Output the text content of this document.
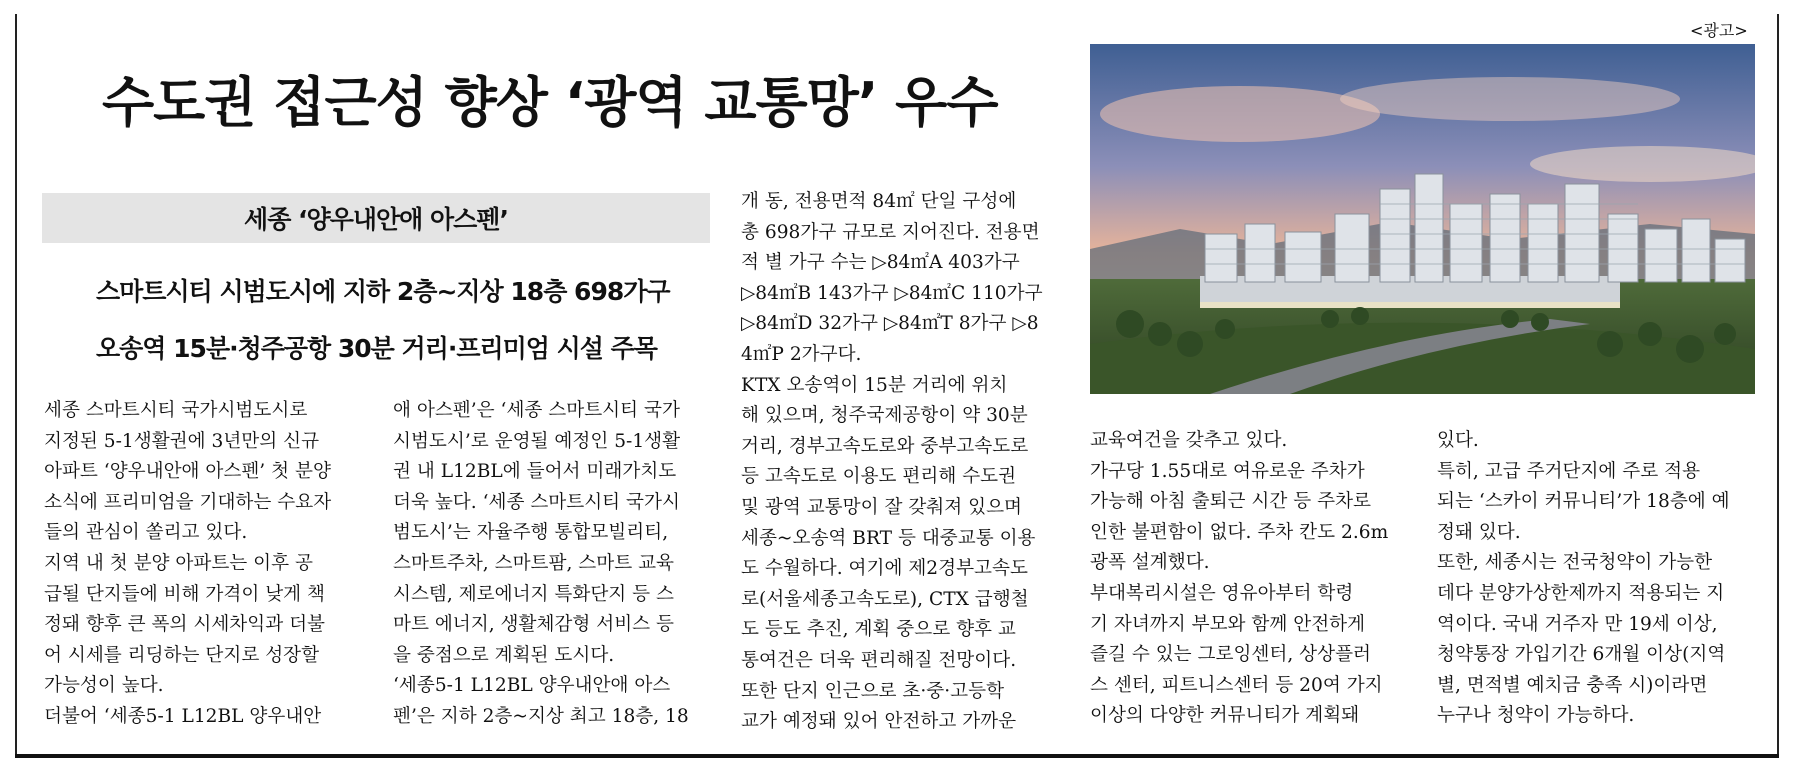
<광고>
수도권 접근성 향상 ‘광역 교통망’ 우수
세종 ‘양우내안애 아스펜’
스마트시티 시범도시에 지하 2층~지상 18층 698가구
오송역 15분·청주공항 30분 거리·프리미엄 시설 주목
세종 스마트시티 국가시범도시로
지정된 5-1생활권에 3년만의 신규
아파트 ‘양우내안애 아스펜’ 첫 분양
소식에 프리미엄을 기대하는 수요자
들의 관심이 쏠리고 있다.
지역 내 첫 분양 아파트는 이후 공
급될 단지들에 비해 가격이 낮게 책
정돼 향후 큰 폭의 시세차익과 더불
어 시세를 리딩하는 단지로 성장할
가능성이 높다.
더불어 ‘세종5-1 L12BL 양우내안
애 아스펜’은 ‘세종 스마트시티 국가
시범도시’로 운영될 예정인 5-1생활
권 내 L12BL에 들어서 미래가치도
더욱 높다. ‘세종 스마트시티 국가시
범도시’는 자율주행 통합모빌리티,
스마트주차, 스마트팜, 스마트 교육
시스템, 제로에너지 특화단지 등 스
마트 에너지, 생활체감형 서비스 등
을 중점으로 계획된 도시다.
‘세종5-1 L12BL 양우내안애 아스
펜’은 지하 2층~지상 최고 18층, 18
개 동, 전용면적 84㎡ 단일 구성에
총 698가구 규모로 지어진다. 전용면
적 별 가구 수는 ▷84㎡A 403가구
▷84㎡B 143가구 ▷84㎡C 110가구
▷84㎡D 32가구 ▷84㎡T 8가구 ▷8
4㎡P 2가구다.
KTX 오송역이 15분 거리에 위치
해 있으며, 청주국제공항이 약 30분
거리, 경부고속도로와 중부고속도로
등 고속도로 이용도 편리해 수도권
및 광역 교통망이 잘 갖춰져 있으며
세종~오송역 BRT 등 대중교통 이용
도 수월하다. 여기에 제2경부고속도
로(서울세종고속도로), CTX 급행철
도 등도 추진, 계획 중으로 향후 교
통여건은 더욱 편리해질 전망이다.
또한 단지 인근으로 초·중·고등학
교가 예정돼 있어 안전하고 가까운
교육여건을 갖추고 있다.
가구당 1.55대로 여유로운 주차가
가능해 아침 출퇴근 시간 등 주차로
인한 불편함이 없다. 주차 칸도 2.6m
광폭 설계했다.
부대복리시설은 영유아부터 학령
기 자녀까지 부모와 함께 안전하게
즐길 수 있는 그로잉센터, 상상플러
스 센터, 피트니스센터 등 20여 가지
이상의 다양한 커뮤니티가 계획돼
있다.
특히, 고급 주거단지에 주로 적용
되는 ‘스카이 커뮤니티’가 18층에 예
정돼 있다.
또한, 세종시는 전국청약이 가능한
데다 분양가상한제까지 적용되는 지
역이다. 국내 거주자 만 19세 이상,
청약통장 가입기간 6개월 이상(지역
별, 면적별 예치금 충족 시)이라면
누구나 청약이 가능하다.
